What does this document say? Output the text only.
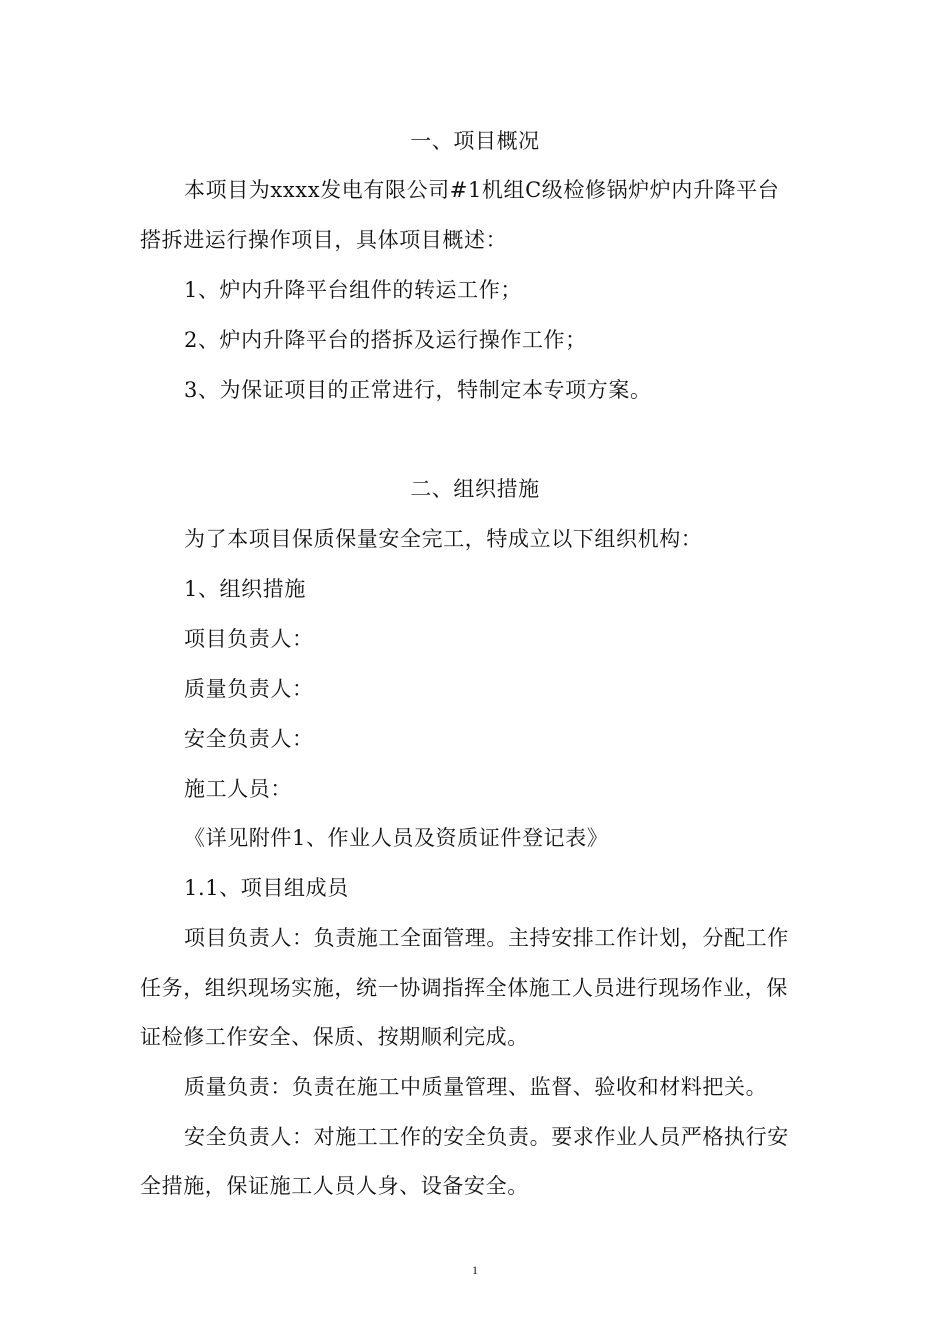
一、项目概况
本项目为xxxx发电有限公司#1机组C级检修锅炉炉内升降平台
搭拆进运行操作项目，具体项目概述：
1、炉内升降平台组件的转运工作；
2、炉内升降平台的搭拆及运行操作工作；
3、为保证项目的正常进行，特制定本专项方案。
二、组织措施
为了本项目保质保量安全完工，特成立以下组织机构：
1、组织措施
项目负责人：
质量负责人：
安全负责人：
施工人员：
《详见附件1、作业人员及资质证件登记表》
1.1、项目组成员
项目负责人：负责施工全面管理。主持安排工作计划，分配工作
任务，组织现场实施，统一协调指挥全体施工人员进行现场作业，保
证检修工作安全、保质、按期顺利完成。
质量负责：负责在施工中质量管理、监督、验收和材料把关。
安全负责人：对施工工作的安全负责。要求作业人员严格执行安
全措施，保证施工人员人身、设备安全。
1
